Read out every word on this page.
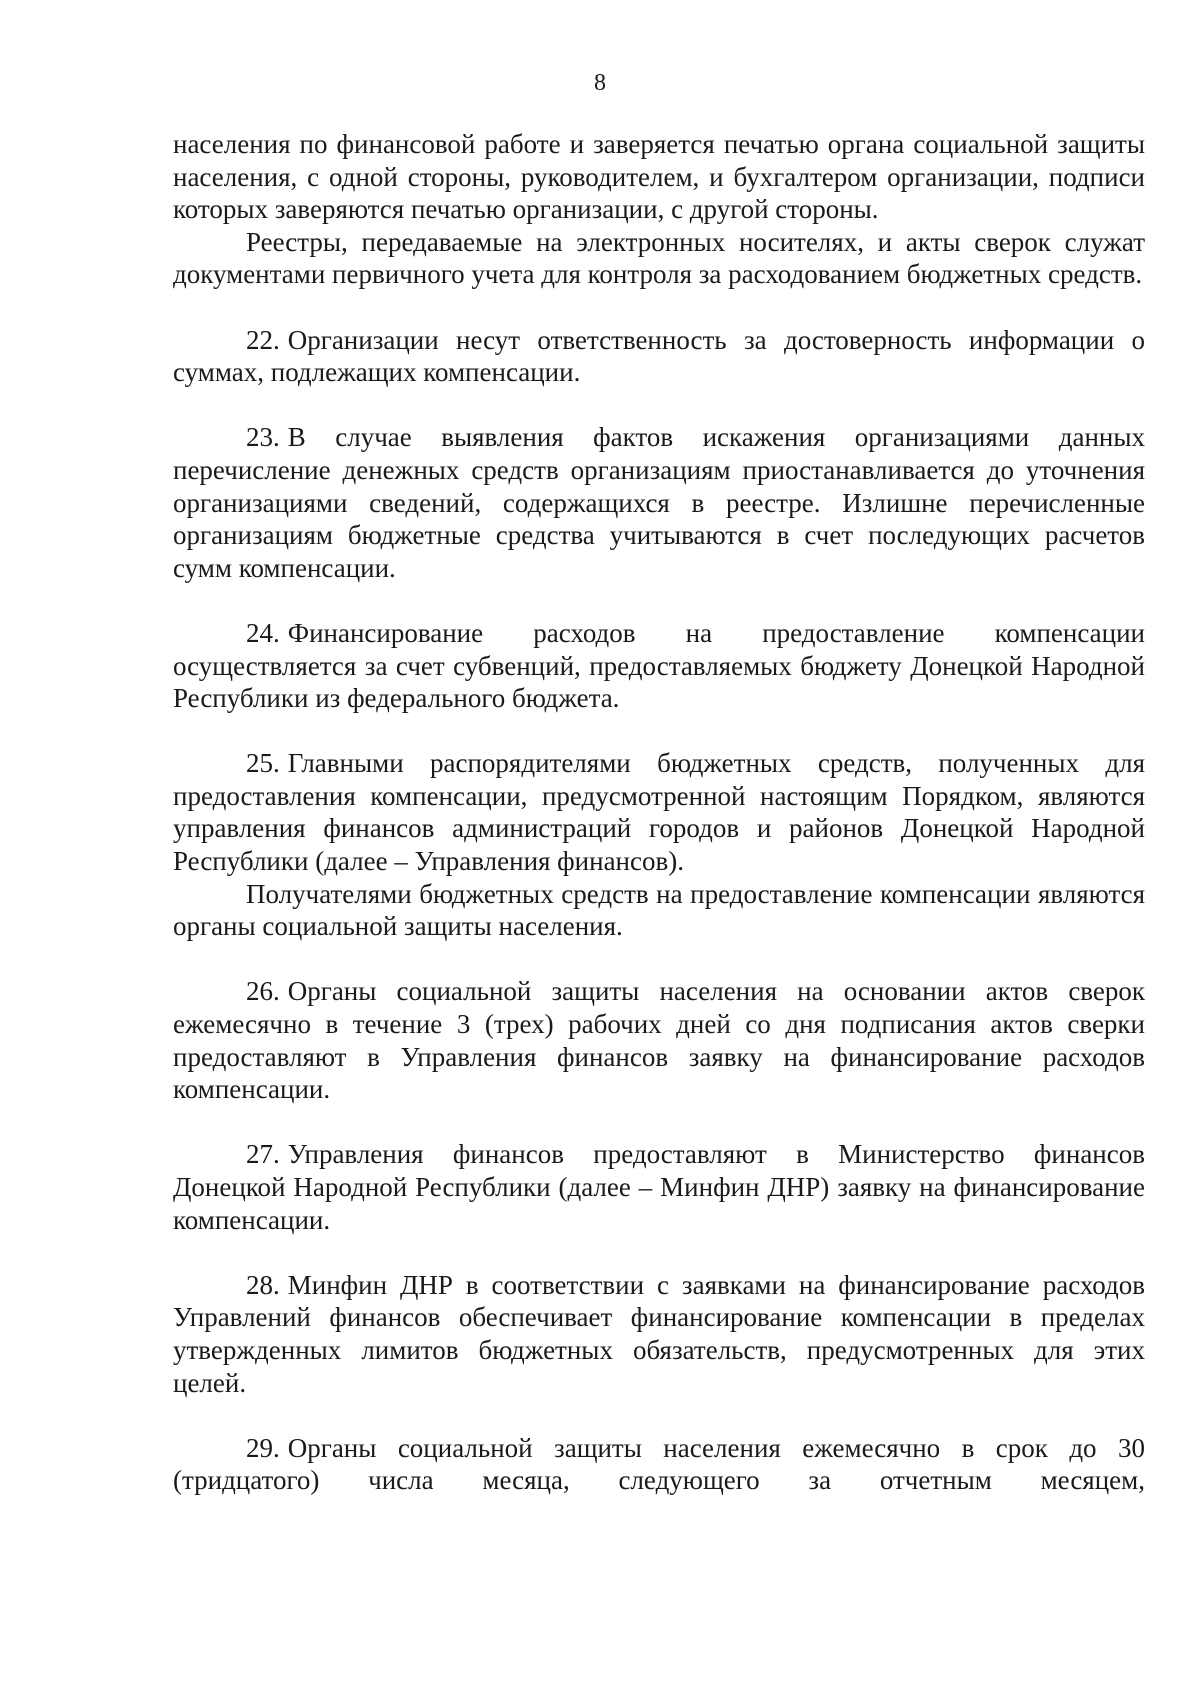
8

населения по финансовой работе и заверяется печатью органа социальной защиты населения, с одной стороны, руководителем, и бухгалтером организации, подписи которых заверяются печатью организации, с другой стороны.

Реестры, передаваемые на электронных носителях, и акты сверок служат документами первичного учета для контроля за расходованием бюджетных средств.

22. Организации несут ответственность за достоверность информации о суммах, подлежащих компенсации.

23. В случае выявления фактов искажения организациями данных перечисление денежных средств организациям приостанавливается до уточнения организациями сведений, содержащихся в реестре. Излишне перечисленные организациям бюджетные средства учитываются в счет последующих расчетов сумм компенсации.

24. Финансирование расходов на предоставление компенсации осуществляется за счет субвенций, предоставляемых бюджету Донецкой Народной Республики из федерального бюджета.

25. Главными распорядителями бюджетных средств, полученных для предоставления компенсации, предусмотренной настоящим Порядком, являются управления финансов администраций городов и районов Донецкой Народной Республики (далее – Управления финансов).

Получателями бюджетных средств на предоставление компенсации являются органы социальной защиты населения.

26. Органы социальной защиты населения на основании актов сверок ежемесячно в течение 3 (трех) рабочих дней со дня подписания актов сверки предоставляют в Управления финансов заявку на финансирование расходов компенсации.

27. Управления финансов предоставляют в Министерство финансов Донецкой Народной Республики (далее – Минфин ДНР) заявку на финансирование компенсации.

28. Минфин ДНР в соответствии с заявками на финансирование расходов Управлений финансов обеспечивает финансирование компенсации в пределах утвержденных лимитов бюджетных обязательств, предусмотренных для этих целей.

29. Органы социальной защиты населения ежемесячно в срок до 30 (тридцатого) числа месяца, следующего за отчетным месяцем,
